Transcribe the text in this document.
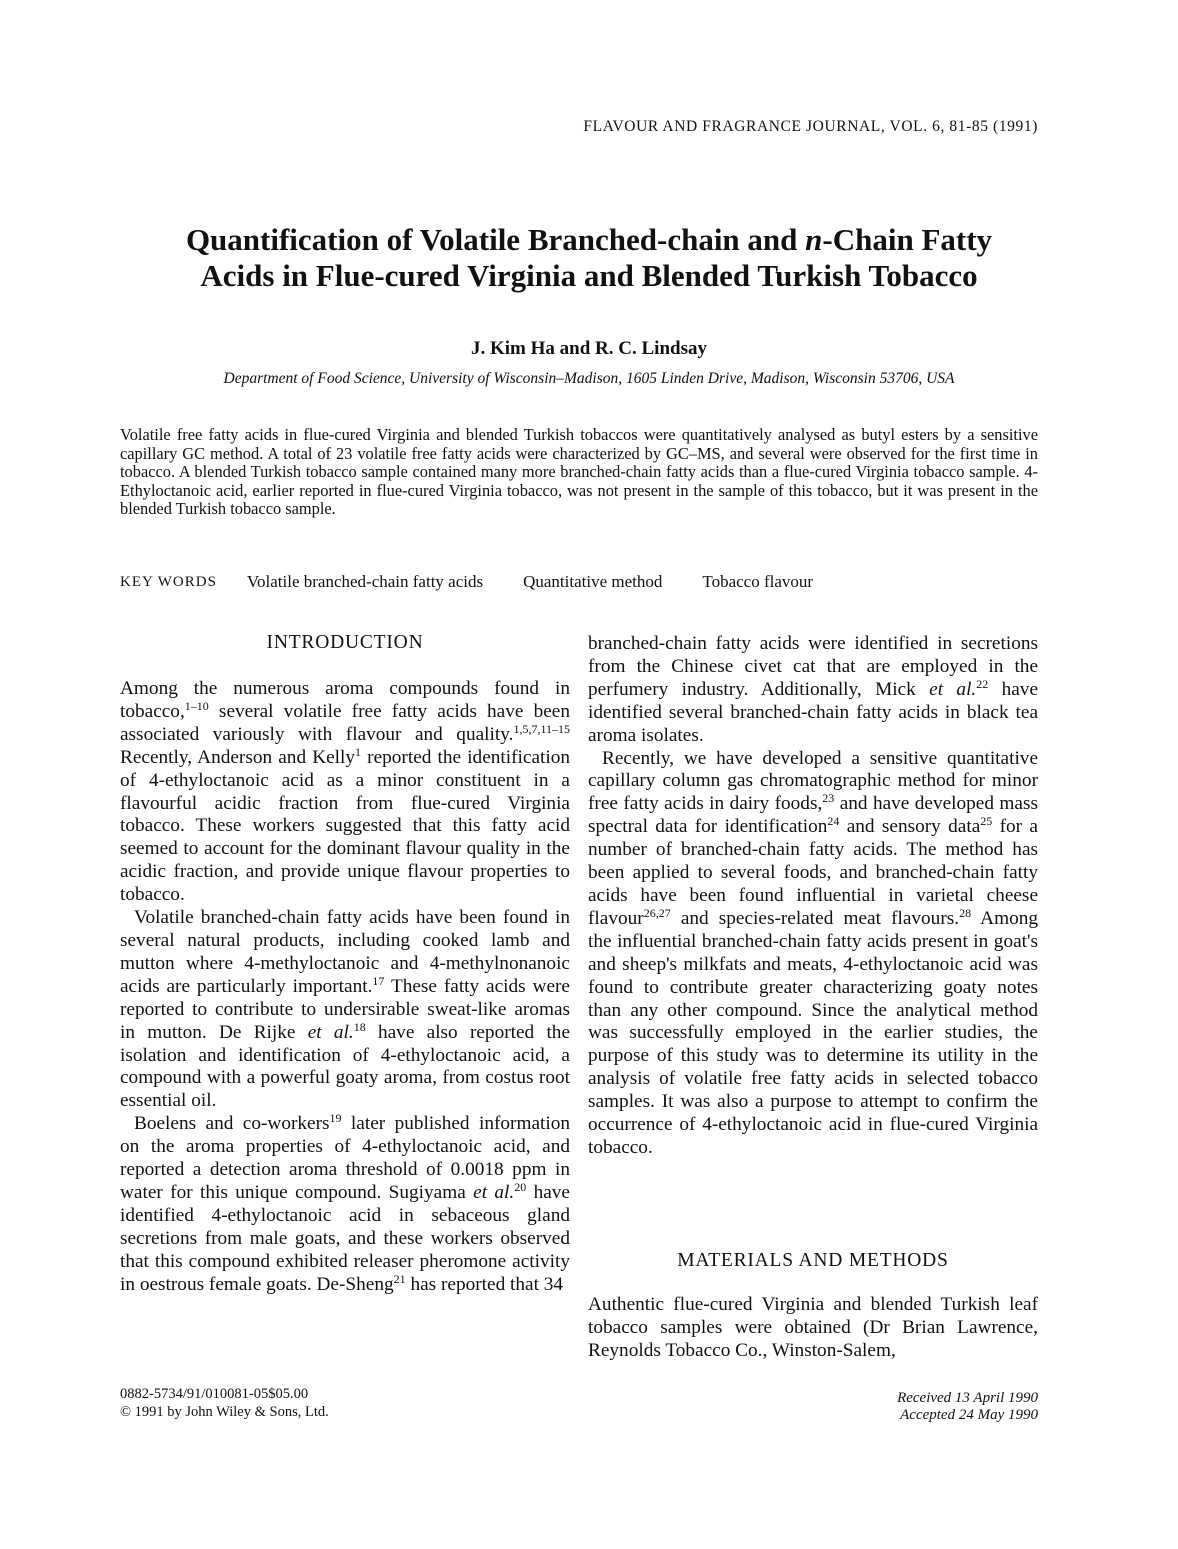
FLAVOUR AND FRAGRANCE JOURNAL, VOL. 6, 81-85 (1991)
Quantification of Volatile Branched-chain and n-Chain Fatty
Acids in Flue-cured Virginia and Blended Turkish Tobacco
J. Kim Ha and R. C. Lindsay
Department of Food Science, University of Wisconsin–Madison, 1605 Linden Drive, Madison, Wisconsin 53706, USA
Volatile free fatty acids in flue-cured Virginia and blended Turkish tobaccos were quantitatively analysed as butyl esters by a sensitive capillary GC method. A total of 23 volatile free fatty acids were characterized by GC–MS, and several were observed for the first time in tobacco. A blended Turkish tobacco sample contained many more branched-chain fatty acids than a flue-cured Virginia tobacco sample. 4-Ethyloctanoic acid, earlier reported in flue-cured Virginia tobacco, was not present in the sample of this tobacco, but it was present in the blended Turkish tobacco sample.
KEY WORDS Volatile branched-chain fatty acids Quantitative method Tobacco flavour
INTRODUCTION

Among the numerous aroma compounds found in tobacco,$^{1-10}$ several volatile free fatty acids have been associated variously with flavour and quality.$^{1,5,7,11-15}$ Recently, Anderson and Kelly$^1$ reported the identification of 4-ethyloctanoic acid as a minor constituent in a flavourful acidic fraction from flue-cured Virginia tobacco. These workers suggested that this fatty acid seemed to account for the dominant flavour quality in the acidic fraction, and provide unique flavour properties to tobacco.

Volatile branched-chain fatty acids have been found in several natural products, including cooked lamb and mutton where 4-methyloctanoic and 4-methylnonanoic acids are particularly important.$^{17}$ These fatty acids were reported to contribute to undersirable sweat-like aromas in mutton. De Rijke et al.$^{18}$ have also reported the isolation and identification of 4-ethyloctanoic acid, a compound with a powerful goaty aroma, from costus root essential oil.

Boelens and co-workers$^{19}$ later published information on the aroma properties of 4-ethyloctanoic acid, and reported a detection aroma threshold of 0.0018 ppm in water for this unique compound. Sugiyama et al.$^{20}$ have identified 4-ethyloctanoic acid in sebaceous gland secretions from male goats, and these workers observed that this compound exhibited releaser pheromone activity in oestrous female goats. De-Sheng$^{21}$ has reported that 34

branched-chain fatty acids were identified in secretions from the Chinese civet cat that are employed in the perfumery industry. Additionally, Mick et al.$^{22}$ have identified several branched-chain fatty acids in black tea aroma isolates.

Recently, we have developed a sensitive quantitative capillary column gas chromatographic method for minor free fatty acids in dairy foods,$^{23}$ and have developed mass spectral data for identification$^{24}$ and sensory data$^{25}$ for a number of branched-chain fatty acids. The method has been applied to several foods, and branched-chain fatty acids have been found influential in varietal cheese flavour$^{26,27}$ and species-related meat flavours.$^{28}$ Among the influential branched-chain fatty acids present in goat's and sheep's milkfats and meats, 4-ethyloctanoic acid was found to contribute greater characterizing goaty notes than any other compound. Since the analytical method was successfully employed in the earlier studies, the purpose of this study was to determine its utility in the analysis of volatile free fatty acids in selected tobacco samples. It was also a purpose to attempt to confirm the occurrence of 4-ethyloctanoic acid in flue-cured Virginia tobacco.

MATERIALS AND METHODS

Authentic flue-cured Virginia and blended Turkish leaf tobacco samples were obtained (Dr Brian Lawrence, Reynolds Tobacco Co., Winston-Salem,

0882-5734/91/010081-05$05.00
© 1991 by John Wiley & Sons, Ltd.
Received 13 April 1990
Accepted 24 May 1990
